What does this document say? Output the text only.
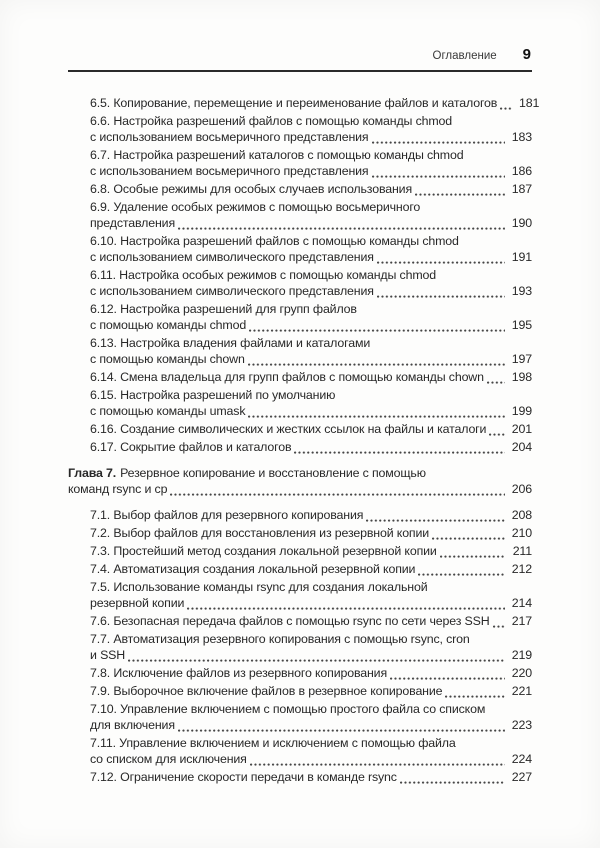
Оглавление 9
6.5. Копирование, перемещение и переименование файлов и каталогов	181
6.6. Настройка разрешений файлов с помощью команды chmod
с использованием восьмеричного представления	183
6.7. Настройка разрешений каталогов с помощью команды chmod
с использованием восьмеричного представления	186
6.8. Особые режимы для особых случаев использования	187
6.9. Удаление особых режимов с помощью восьмеричного
представления	190
6.10. Настройка разрешений файлов с помощью команды chmod
с использованием символического представления	191
6.11. Настройка особых режимов с помощью команды chmod
с использованием символического представления	193
6.12. Настройка разрешений для групп файлов
с помощью команды chmod	195
6.13. Настройка владения файлами и каталогами
с помощью команды chown	197
6.14. Смена владельца для групп файлов с помощью команды chown	198
6.15. Настройка разрешений по умолчанию
с помощью команды umask	199
6.16. Создание символических и жестких ссылок на файлы и каталоги	201
6.17. Сокрытие файлов и каталогов	204
Глава 7. Резервное копирование и восстановление с помощью
команд rsync и cp	206
7.1. Выбор файлов для резервного копирования	208
7.2. Выбор файлов для восстановления из резервной копии	210
7.3. Простейший метод создания локальной резервной копии	211
7.4. Автоматизация создания локальной резервной копии	212
7.5. Использование команды rsync для создания локальной
резервной копии	214
7.6. Безопасная передача файлов с помощью rsync по сети через SSH	217
7.7. Автоматизация резервного копирования с помощью rsync, cron
и SSH	219
7.8. Исключение файлов из резервного копирования	220
7.9. Выборочное включение файлов в резервное копирование	221
7.10. Управление включением с помощью простого файла со списком
для включения	223
7.11. Управление включением и исключением с помощью файла
со списком для исключения	224
7.12. Ограничение скорости передачи в команде rsync	227
